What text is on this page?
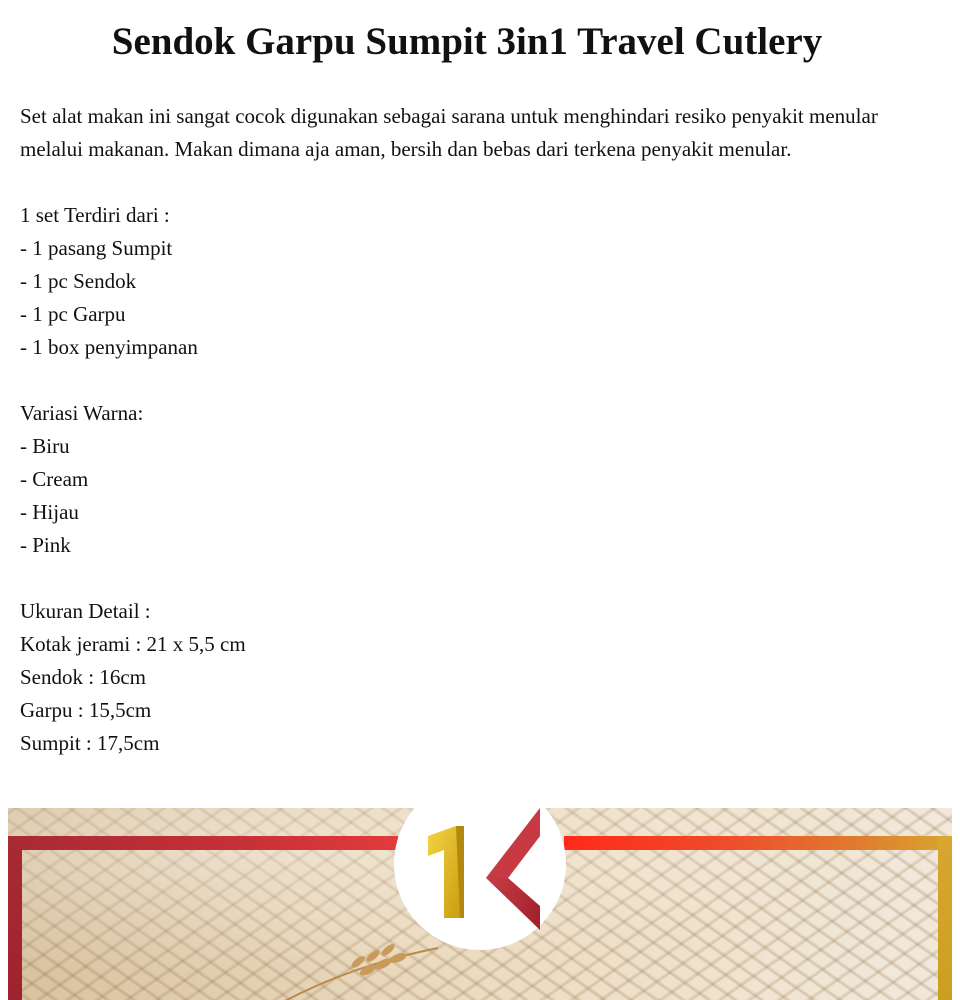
Sendok Garpu Sumpit 3in1 Travel Cutlery

Set alat makan ini sangat cocok digunakan sebagai sarana untuk menghindari resiko penyakit menular melalui makanan. Makan dimana aja aman, bersih dan bebas dari terkena penyakit menular.

1 set Terdiri dari :
- 1 pasang Sumpit
- 1 pc Sendok
- 1 pc Garpu
- 1 box penyimpanan
Variasi Warna:
- Biru
- Cream
- Hijau
- Pink
Ukuran Detail :
Kotak jerami : 21 x 5,5 cm
Sendok : 16cm
Garpu : 15,5cm
Sumpit : 17,5cm
